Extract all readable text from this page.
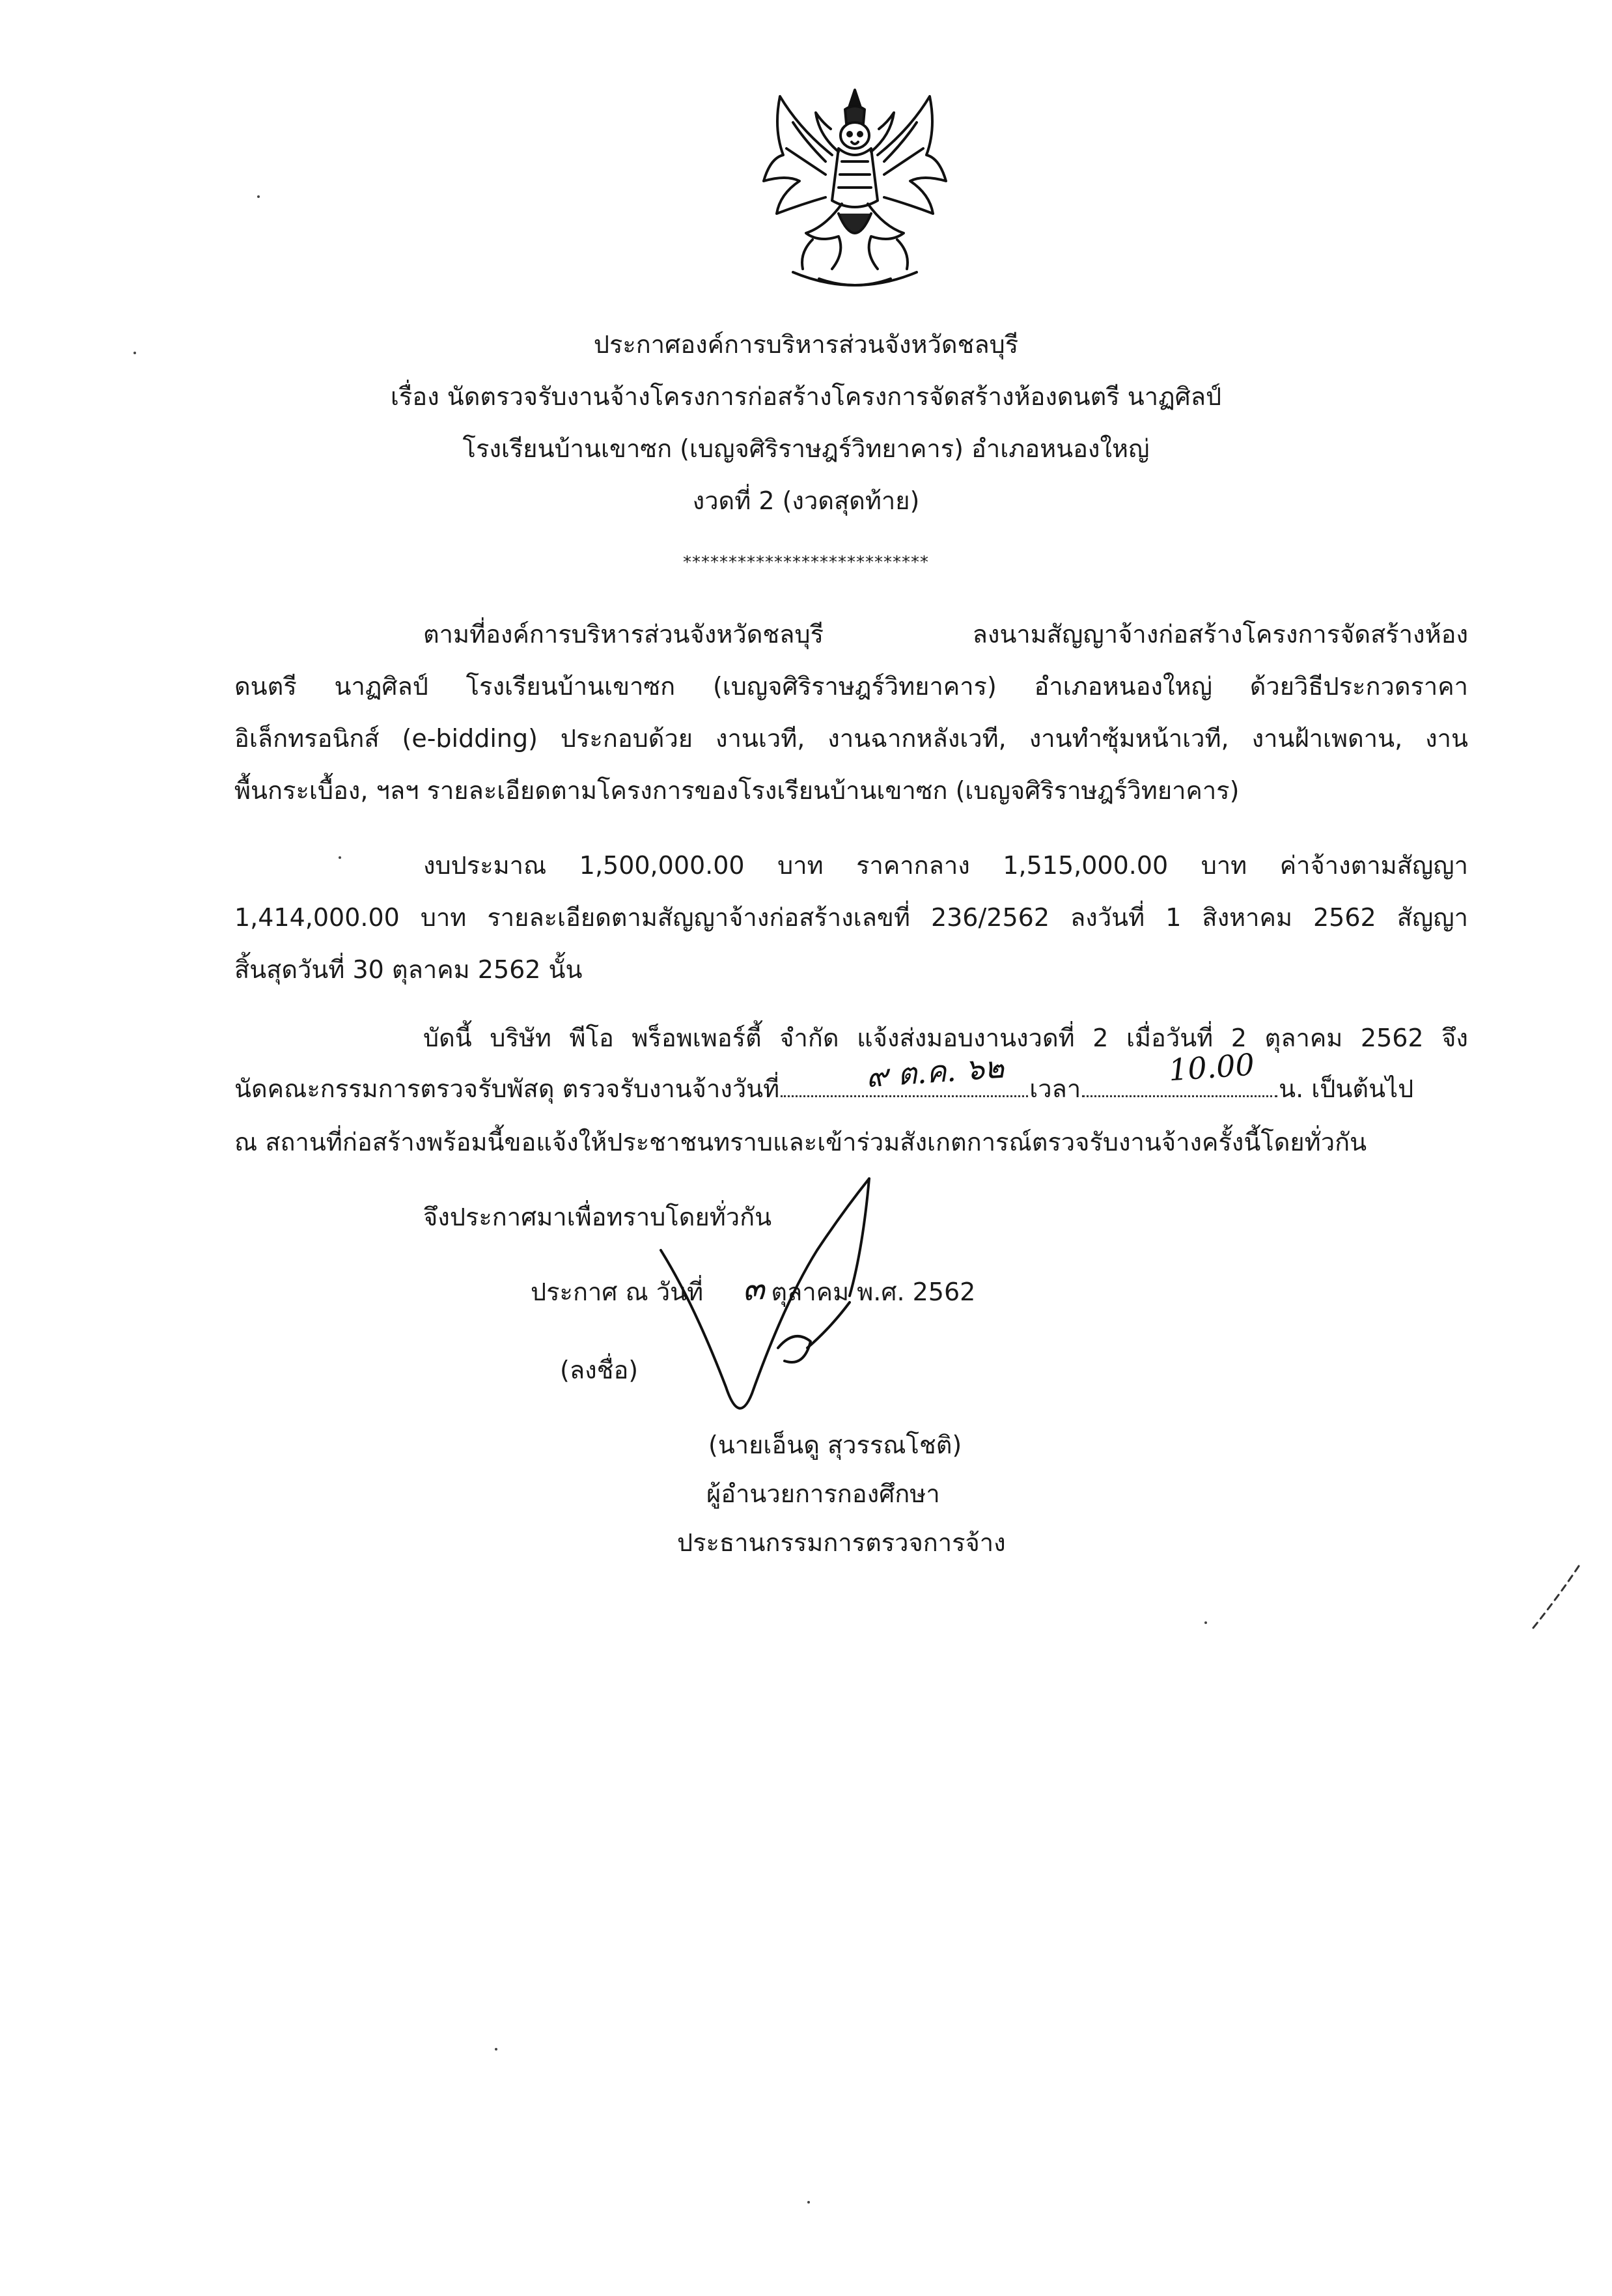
ประกาศองค์การบริหารส่วนจังหวัดชลบุรี
เรื่อง นัดตรวจรับงานจ้างโครงการก่อสร้างโครงการจัดสร้างห้องดนตรี นาฏศิลป์
โรงเรียนบ้านเขาซก (เบญจศิริราษฎร์วิทยาคาร) อำเภอหนองใหญ่
งวดที่ 2 (งวดสุดท้าย)
***************************
ตามที่องค์การบริหารส่วนจังหวัดชลบุรี ลงนามสัญญาจ้างก่อสร้างโครงการจัดสร้างห้อง
ดนตรี นาฏศิลป์ โรงเรียนบ้านเขาซก (เบญจศิริราษฎร์วิทยาคาร) อำเภอหนองใหญ่ ด้วยวิธีประกวดราคา
อิเล็กทรอนิกส์ (e-bidding) ประกอบด้วย งานเวที, งานฉากหลังเวที, งานทำซุ้มหน้าเวที, งานฝ้าเพดาน, งาน
พื้นกระเบื้อง, ฯลฯ รายละเอียดตามโครงการของโรงเรียนบ้านเขาซก (เบญจศิริราษฎร์วิทยาคาร)
งบประมาณ 1,500,000.00 บาท ราคากลาง 1,515,000.00 บาท ค่าจ้างตามสัญญา
1,414,000.00 บาท รายละเอียดตามสัญญาจ้างก่อสร้างเลขที่ 236/2562 ลงวันที่ 1 สิงหาคม 2562 สัญญา
สิ้นสุดวันที่ 30 ตุลาคม 2562 นั้น
บัดนี้ บริษัท พีโอ พร็อพเพอร์ตี้ จำกัด แจ้งส่งมอบงานงวดที่ 2 เมื่อวันที่ 2 ตุลาคม 2562 จึง
นัดคณะกรรมการตรวจรับพัสดุ ตรวจรับงานจ้างวันที่	เวลา	น. เป็นต้นไป
๙ ต.ค. ๖๒	10.00
ณ สถานที่ก่อสร้างพร้อมนี้ขอแจ้งให้ประชาชนทราบและเข้าร่วมสังเกตการณ์ตรวจรับงานจ้างครั้งนี้โดยทั่วกัน
จึงประกาศมาเพื่อทราบโดยทั่วกัน
ประกาศ ณ วันที่	ตุลาคม พ.ศ. 2562
๓
(ลงชื่อ)
(นายเอ็นดู สุวรรณโชติ)
ผู้อำนวยการกองศึกษา
ประธานกรรมการตรวจการจ้าง
